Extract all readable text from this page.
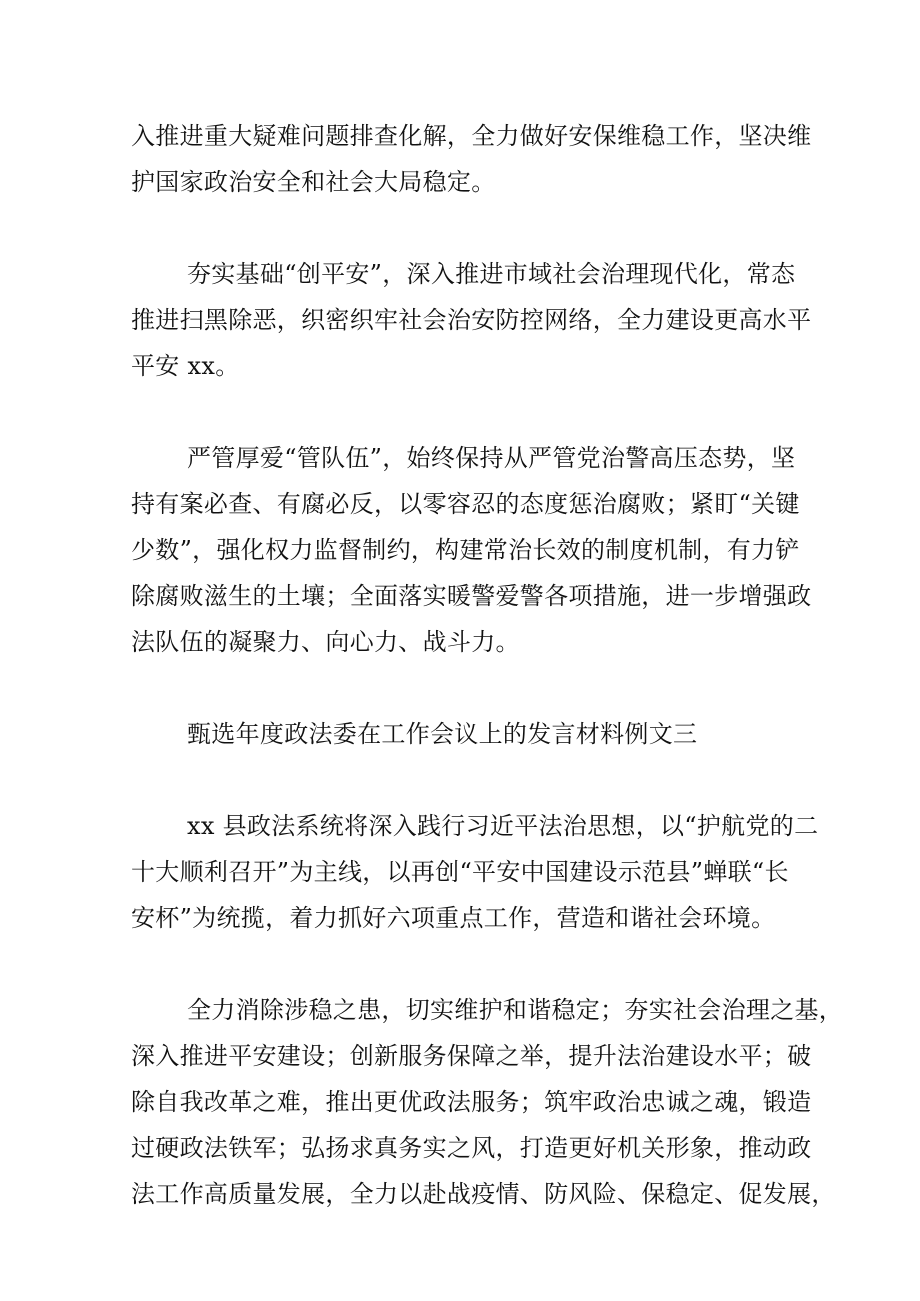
入推进重大疑难问题排查化解，全力做好安保维稳工作，坚决维
护国家政治安全和社会大局稳定。

夯实基础“创平安”，深入推进市域社会治理现代化，常态
推进扫黑除恶，织密织牢社会治安防控网络，全力建设更高水平
平安 xx。

严管厚爱“管队伍”，始终保持从严管党治警高压态势，坚
持有案必查、有腐必反，以零容忍的态度惩治腐败；紧盯“关键
少数”，强化权力监督制约，构建常治长效的制度机制，有力铲
除腐败滋生的土壤；全面落实暖警爱警各项措施，进一步增强政
法队伍的凝聚力、向心力、战斗力。

甄选年度政法委在工作会议上的发言材料例文三

xx 县政法系统将深入践行习近平法治思想，以“护航党的二
十大顺利召开”为主线，以再创“平安中国建设示范县”蝉联“长
安杯”为统揽，着力抓好六项重点工作，营造和谐社会环境。

全力消除涉稳之患，切实维护和谐稳定；夯实社会治理之基，
深入推进平安建设；创新服务保障之举，提升法治建设水平；破
除自我改革之难，推出更优政法服务；筑牢政治忠诚之魂，锻造
过硬政法铁军；弘扬求真务实之风，打造更好机关形象，推动政
法工作高质量发展，全力以赴战疫情、防风险、保稳定、促发展，
